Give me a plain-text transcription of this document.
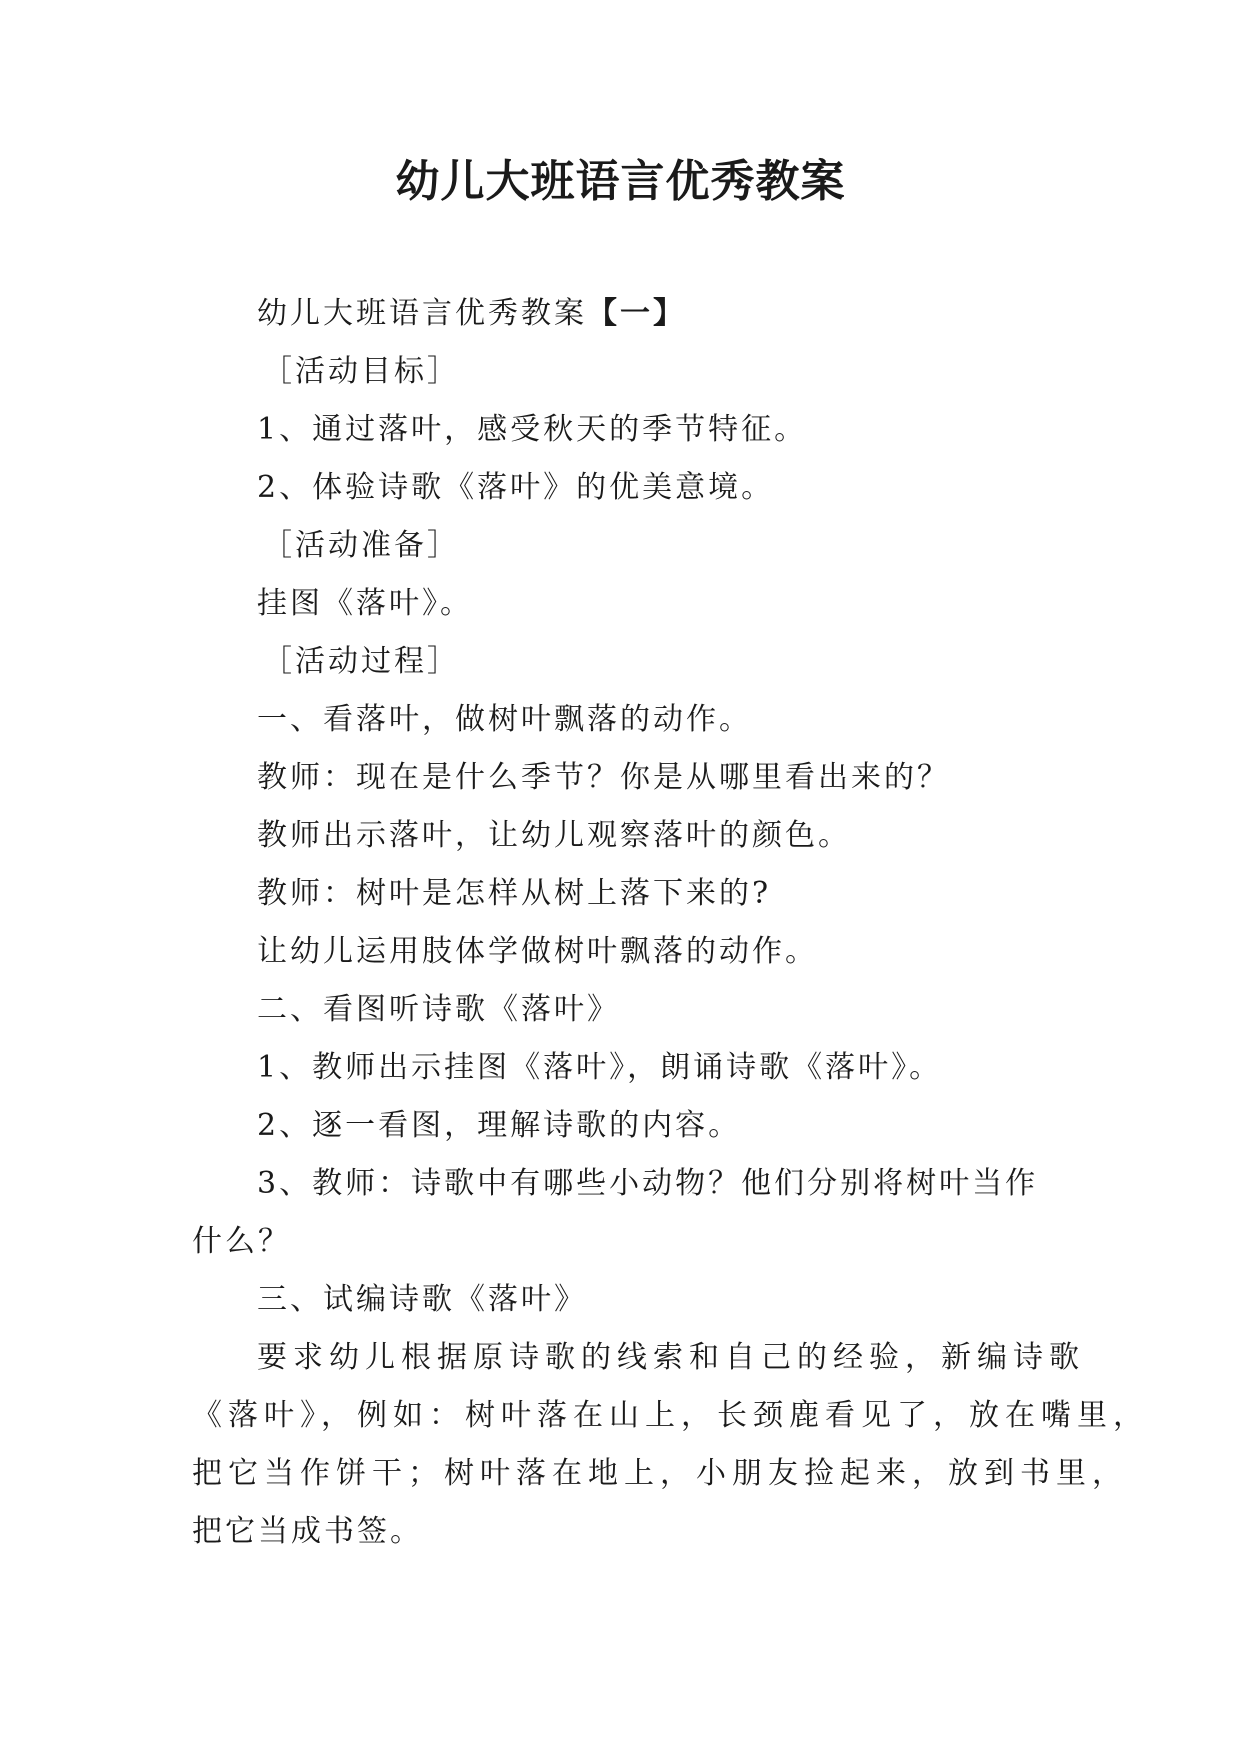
幼儿大班语言优秀教案
幼儿大班语言优秀教案【一】
［活动目标］
1、通过落叶，感受秋天的季节特征。
2、体验诗歌《落叶》的优美意境。
［活动准备］
挂图《落叶》。
［活动过程］
一、看落叶，做树叶飘落的动作。
教师：现在是什么季节？你是从哪里看出来的？
教师出示落叶，让幼儿观察落叶的颜色。
教师：树叶是怎样从树上落下来的?
让幼儿运用肢体学做树叶飘落的动作。
二、看图听诗歌《落叶》
1、教师出示挂图《落叶》，朗诵诗歌《落叶》。
2、逐一看图，理解诗歌的内容。
3、教师：诗歌中有哪些小动物？他们分别将树叶当作
什么？
三、试编诗歌《落叶》
要求幼儿根据原诗歌的线索和自己的经验，新编诗歌
《落叶》，例如：树叶落在山上，长颈鹿看见了，放在嘴里，
把它当作饼干；树叶落在地上，小朋友捡起来，放到书里，
把它当成书签。
